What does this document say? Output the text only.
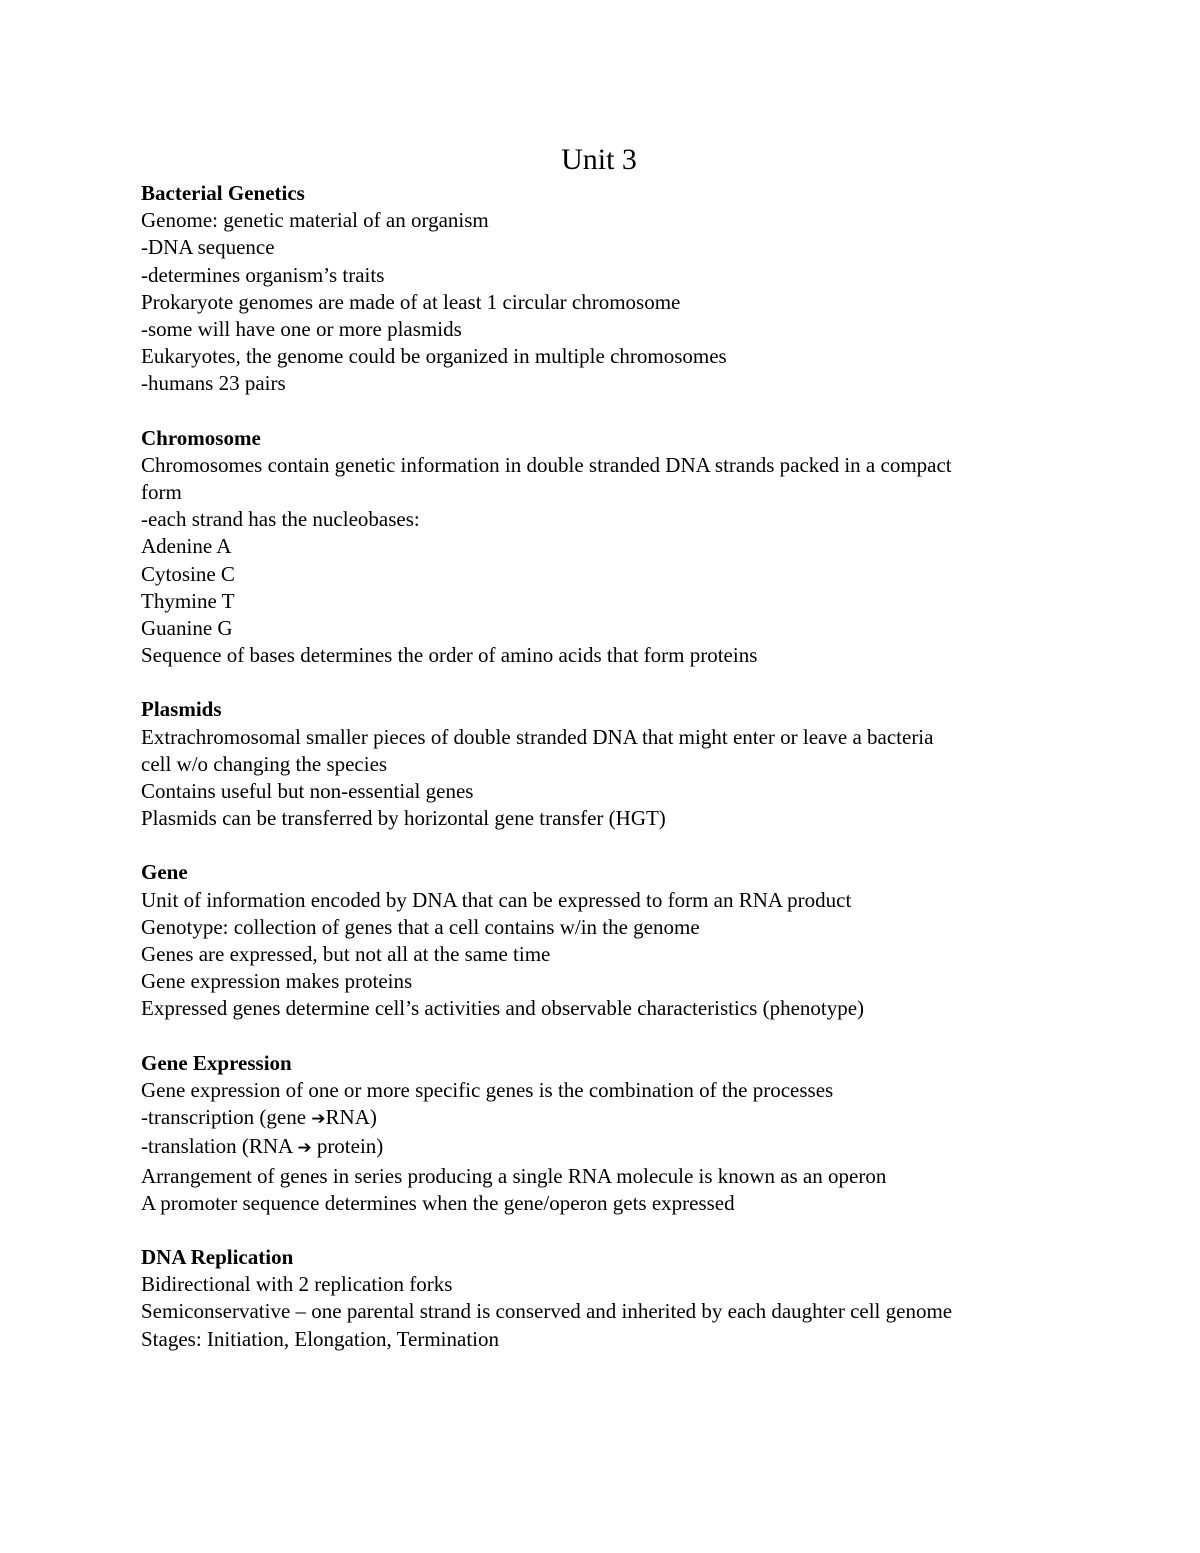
Unit 3

Bacterial Genetics

Genome: genetic material of an organism

-DNA sequence

-determines organism’s traits

Prokaryote genomes are made of at least 1 circular chromosome

-some will have one or more plasmids

Eukaryotes, the genome could be organized in multiple chromosomes

-humans 23 pairs

Chromosome

Chromosomes contain genetic information in double stranded DNA strands packed in a compact

form

-each strand has the nucleobases:

Adenine A

Cytosine C

Thymine T

Guanine G

Sequence of bases determines the order of amino acids that form proteins

Plasmids

Extrachromosomal smaller pieces of double stranded DNA that might enter or leave a bacteria

cell w/o changing the species

Contains useful but non-essential genes

Plasmids can be transferred by horizontal gene transfer (HGT)

Gene

Unit of information encoded by DNA that can be expressed to form an RNA product

Genotype: collection of genes that a cell contains w/in the genome

Genes are expressed, but not all at the same time

Gene expression makes proteins

Expressed genes determine cell’s activities and observable characteristics (phenotype)

Gene Expression

Gene expression of one or more specific genes is the combination of the processes

-transcription (gene ➔RNA)

-translation (RNA ➔ protein)

Arrangement of genes in series producing a single RNA molecule is known as an operon

A promoter sequence determines when the gene/operon gets expressed

DNA Replication

Bidirectional with 2 replication forks

Semiconservative – one parental strand is conserved and inherited by each daughter cell genome

Stages: Initiation, Elongation, Termination
